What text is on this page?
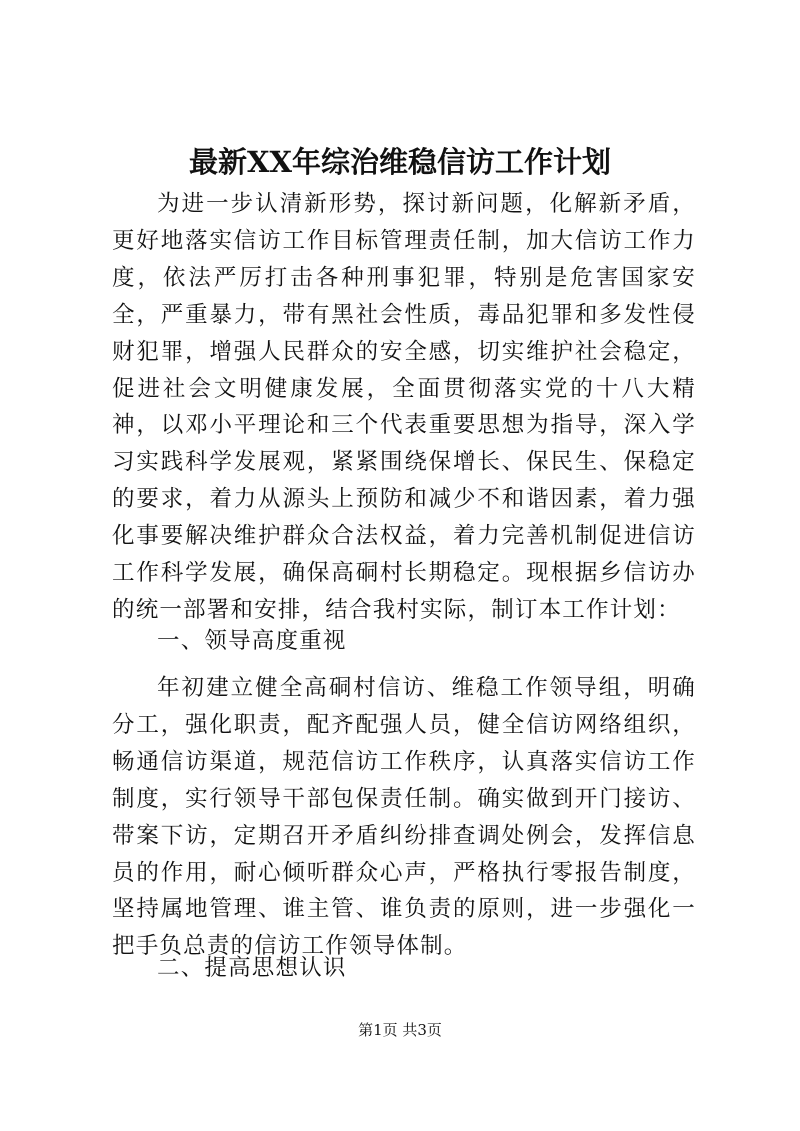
最新XX年综治维稳信访工作计划

为进一步认清新形势，探讨新问题，化解新矛盾，更好地落实信访工作目标管理责任制，加大信访工作力度，依法严厉打击各种刑事犯罪，特别是危害国家安全，严重暴力，带有黑社会性质，毒品犯罪和多发性侵财犯罪，增强人民群众的安全感，切实维护社会稳定，促进社会文明健康发展，全面贯彻落实党的十八大精神，以邓小平理论和三个代表重要思想为指导，深入学习实践科学发展观，紧紧围绕保增长、保民生、保稳定的要求，着力从源头上预防和减少不和谐因素，着力强化事要解决维护群众合法权益，着力完善机制促进信访工作科学发展，确保高硐村长期稳定。现根据乡信访办的统一部署和安排，结合我村实际，制订本工作计划：

一、领导高度重视

年初建立健全高硐村信访、维稳工作领导组，明确分工，强化职责，配齐配强人员，健全信访网络组织，畅通信访渠道，规范信访工作秩序，认真落实信访工作制度，实行领导干部包保责任制。确实做到开门接访、带案下访，定期召开矛盾纠纷排查调处例会，发挥信息员的作用，耐心倾听群众心声，严格执行零报告制度，坚持属地管理、谁主管、谁负责的原则，进一步强化一把手负总责的信访工作领导体制。

二、提高思想认识

第1页 共3页
